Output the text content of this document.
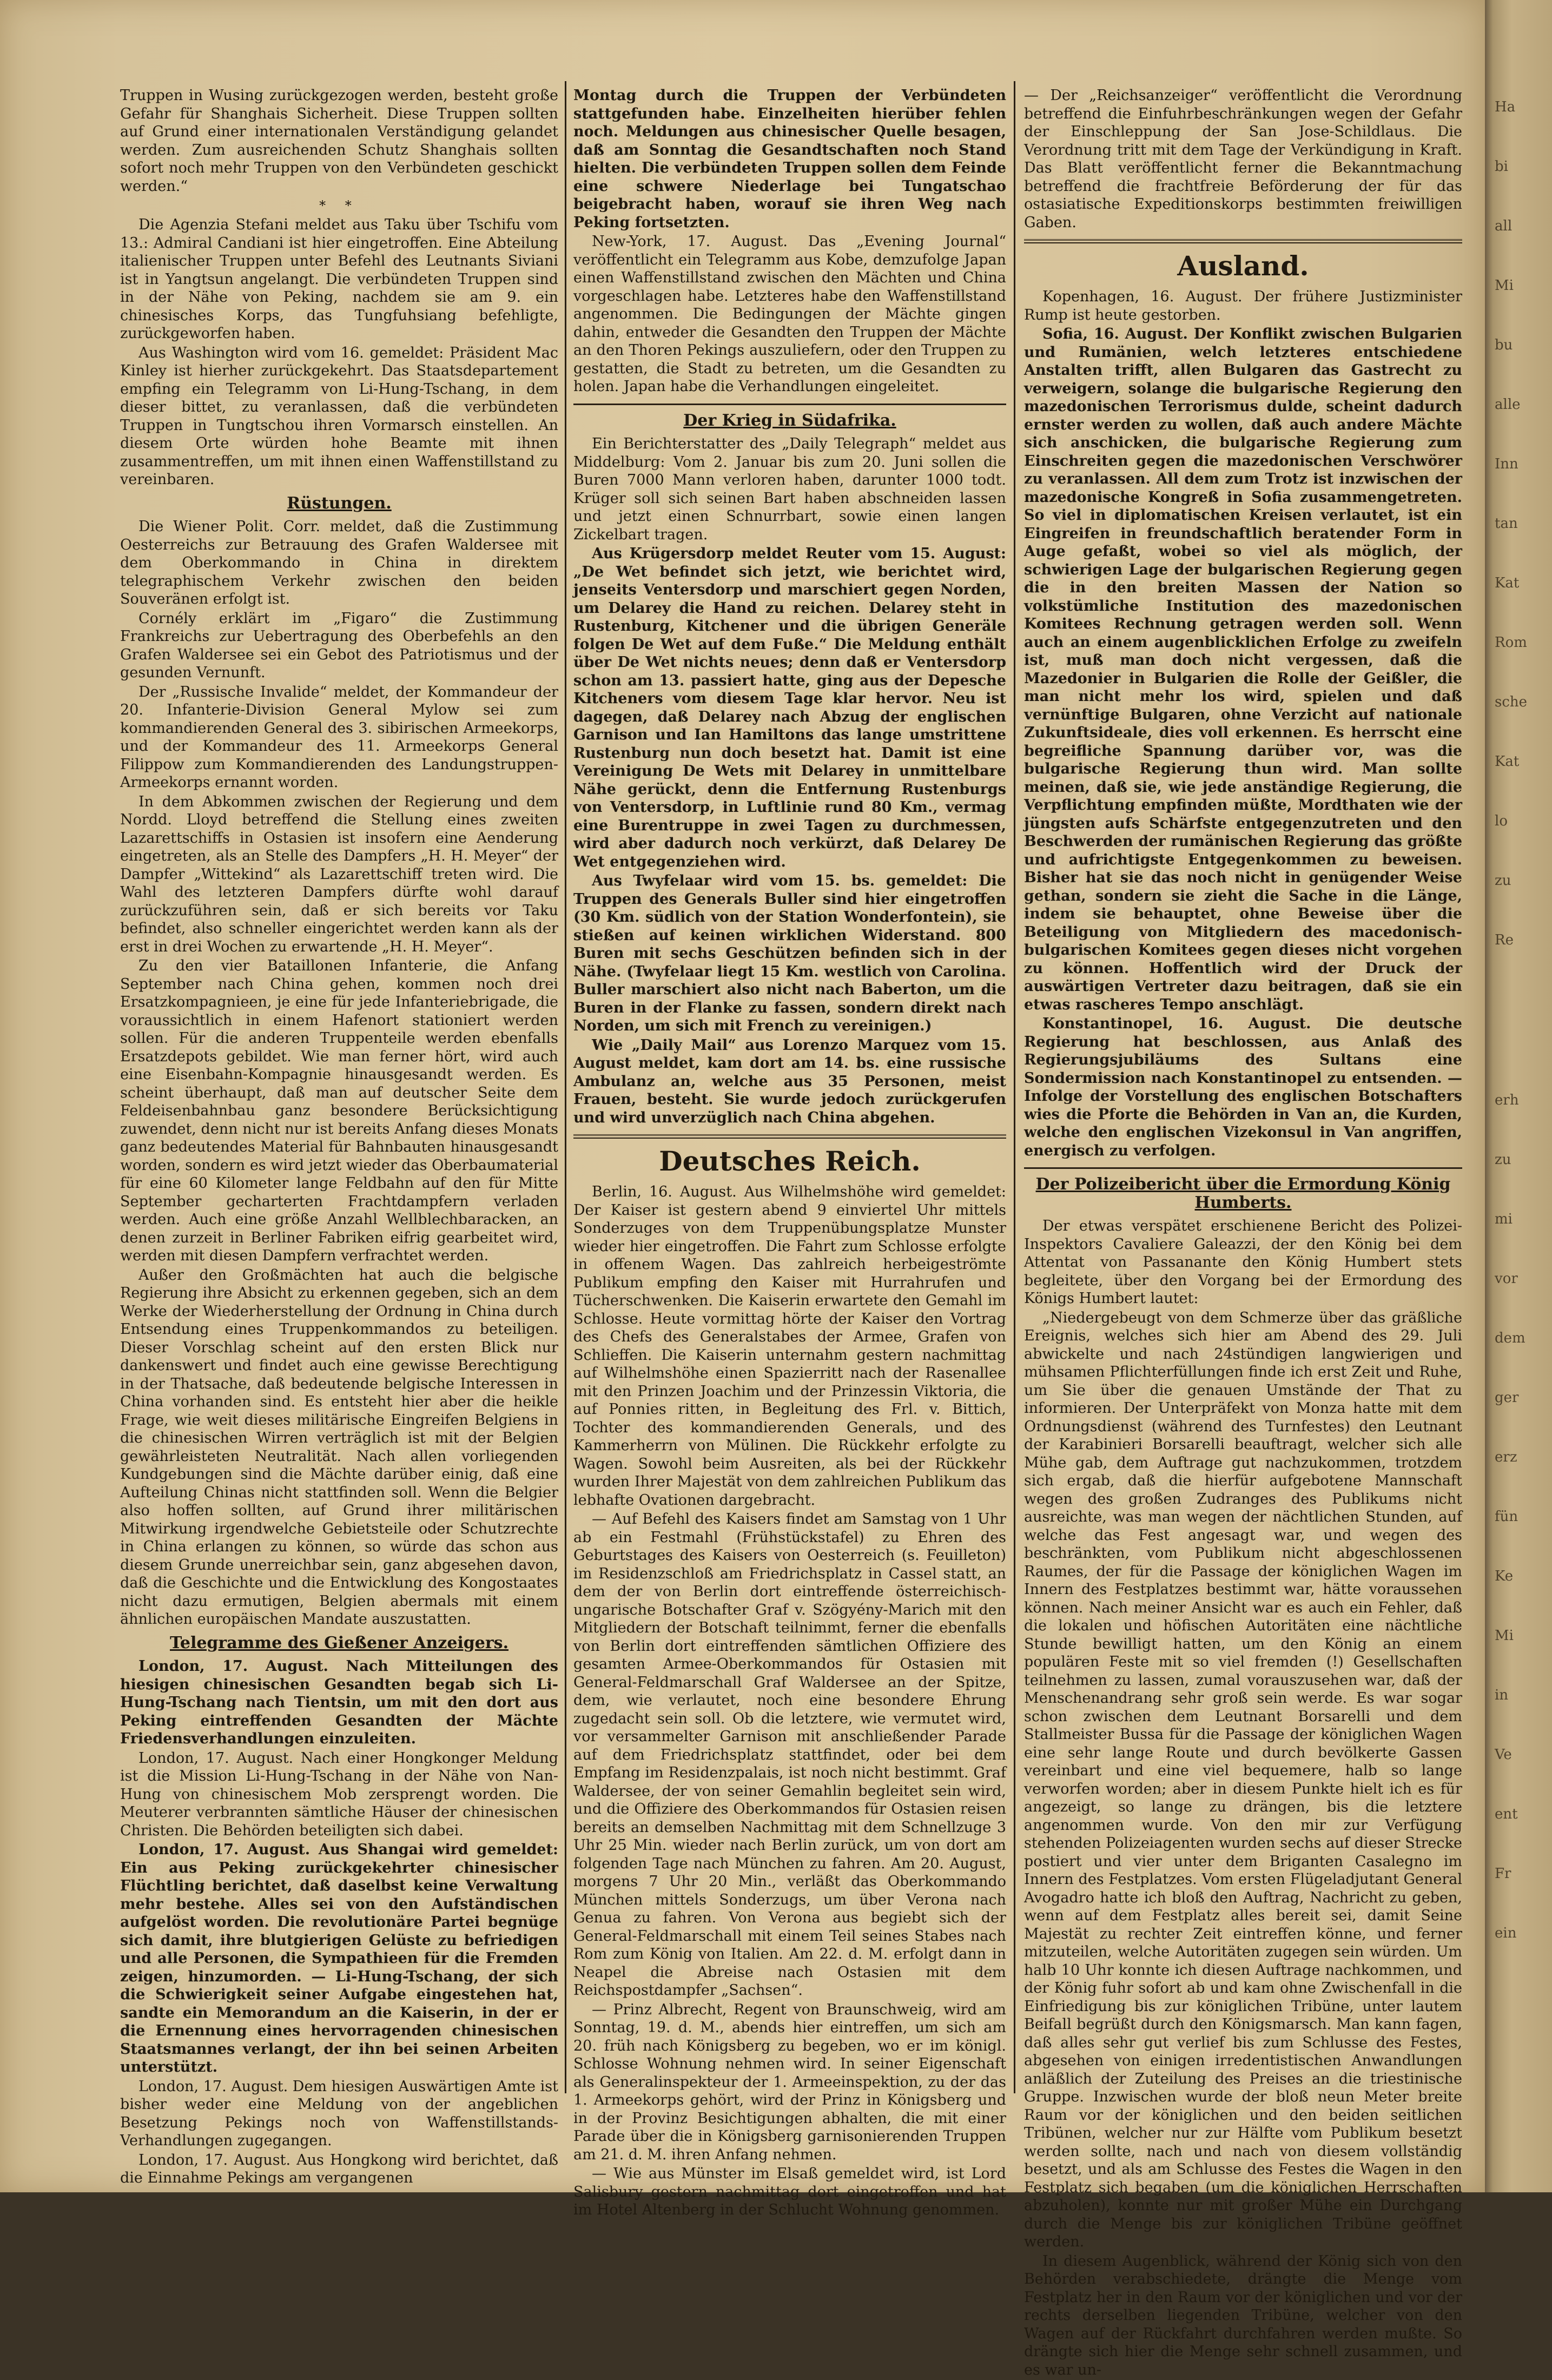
Truppen in Wusing zurückgezogen werden, besteht große Gefahr für Shanghais Sicherheit. Diese Truppen sollten auf Grund einer internationalen Verständigung gelandet werden. Zum ausreichenden Schutz Shanghais sollten sofort noch mehr Truppen von den Verbündeten geschickt werden.“

* *

Die Agenzia Stefani meldet aus Taku über Tschifu vom 13.: Admiral Candiani ist hier eingetroffen. Eine Abteilung italienischer Truppen unter Befehl des Leutnants Siviani ist in Yangtsun angelangt. Die verbündeten Truppen sind in der Nähe von Peking, nachdem sie am 9. ein chinesisches Korps, das Tungfuhsiang befehligte, zurückgeworfen haben.

Aus Washington wird vom 16. gemeldet: Präsident Mac Kinley ist hierher zurückgekehrt. Das Staatsdepartement empfing ein Telegramm von Li-Hung-Tschang, in dem dieser bittet, zu veranlassen, daß die verbündeten Truppen in Tungtschou ihren Vormarsch einstellen. An diesem Orte würden hohe Beamte mit ihnen zusammentreffen, um mit ihnen einen Waffenstillstand zu vereinbaren.

Rüstungen.

Die Wiener Polit. Corr. meldet, daß die Zustimmung Oesterreichs zur Betrauung des Grafen Waldersee mit dem Oberkommando in China in direktem telegraphischem Verkehr zwischen den beiden Souveränen erfolgt ist.

Cornély erklärt im „Figaro“ die Zustimmung Frankreichs zur Uebertragung des Oberbefehls an den Grafen Waldersee sei ein Gebot des Patriotismus und der gesunden Vernunft.

Der „Russische Invalide“ meldet, der Kommandeur der 20. Infanterie-Division General Mylow sei zum kommandierenden General des 3. sibirischen Armeekorps, und der Kommandeur des 11. Armeekorps General Filippow zum Kommandierenden des Landungstruppen-Armeekorps ernannt worden.

In dem Abkommen zwischen der Regierung und dem Nordd. Lloyd betreffend die Stellung eines zweiten Lazarettschiffs in Ostasien ist insofern eine Aenderung eingetreten, als an Stelle des Dampfers „H. H. Meyer“ der Dampfer „Wittekind“ als Lazarettschiff treten wird. Die Wahl des letzteren Dampfers dürfte wohl darauf zurückzuführen sein, daß er sich bereits vor Taku befindet, also schneller eingerichtet werden kann als der erst in drei Wochen zu erwartende „H. H. Meyer“.

Zu den vier Bataillonen Infanterie, die Anfang September nach China gehen, kommen noch drei Ersatzkompagnieen, je eine für jede Infanteriebrigade, die voraussichtlich in einem Hafenort stationiert werden sollen. Für die anderen Truppenteile werden ebenfalls Ersatzdepots gebildet. Wie man ferner hört, wird auch eine Eisenbahn-Kompagnie hinausgesandt werden. Es scheint überhaupt, daß man auf deutscher Seite dem Feldeisenbahnbau ganz besondere Berücksichtigung zuwendet, denn nicht nur ist bereits Anfang dieses Monats ganz bedeutendes Material für Bahnbauten hinausgesandt worden, sondern es wird jetzt wieder das Oberbaumaterial für eine 60 Kilometer lange Feldbahn auf den für Mitte September gecharterten Frachtdampfern verladen werden. Auch eine größe Anzahl Wellblechbaracken, an denen zurzeit in Berliner Fabriken eifrig gearbeitet wird, werden mit diesen Dampfern verfrachtet werden.

Außer den Großmächten hat auch die belgische Regierung ihre Absicht zu erkennen gegeben, sich an dem Werke der Wiederherstellung der Ordnung in China durch Entsendung eines Truppenkommandos zu beteiligen. Dieser Vorschlag scheint auf den ersten Blick nur dankenswert und findet auch eine gewisse Berechtigung in der Thatsache, daß bedeutende belgische Interessen in China vorhanden sind. Es entsteht hier aber die heikle Frage, wie weit dieses militärische Eingreifen Belgiens in die chinesischen Wirren verträglich ist mit der Belgien gewährleisteten Neutralität. Nach allen vorliegenden Kundgebungen sind die Mächte darüber einig, daß eine Aufteilung Chinas nicht stattfinden soll. Wenn die Belgier also hoffen sollten, auf Grund ihrer militärischen Mitwirkung irgendwelche Gebietsteile oder Schutzrechte in China erlangen zu können, so würde das schon aus diesem Grunde unerreichbar sein, ganz abgesehen davon, daß die Geschichte und die Entwicklung des Kongostaates nicht dazu ermutigen, Belgien abermals mit einem ähnlichen europäischen Mandate auszustatten.

Telegramme des Gießener Anzeigers.

London, 17. August. Nach Mitteilungen des hiesigen chinesischen Gesandten begab sich Li-Hung-Tschang nach Tientsin, um mit den dort aus Peking eintreffenden Gesandten der Mächte Friedensverhandlungen einzuleiten.

London, 17. August. Nach einer Hongkonger Meldung ist die Mission Li-Hung-Tschang in der Nähe von Nan-Hung von chinesischem Mob zersprengt worden. Die Meuterer verbrannten sämtliche Häuser der chinesischen Christen. Die Behörden beteiligten sich dabei.

London, 17. August. Aus Shangai wird gemeldet: Ein aus Peking zurückgekehrter chinesischer Flüchtling berichtet, daß daselbst keine Verwaltung mehr bestehe. Alles sei von den Aufständischen aufgelöst worden. Die revolutionäre Partei begnüge sich damit, ihre blutgierigen Gelüste zu befriedigen und alle Personen, die Sympathieen für die Fremden zeigen, hinzumorden. — Li-Hung-Tschang, der sich die Schwierigkeit seiner Aufgabe eingestehen hat, sandte ein Memorandum an die Kaiserin, in der er die Ernennung eines hervorragenden chinesischen Staatsmannes verlangt, der ihn bei seinen Arbeiten unterstützt.

London, 17. August. Dem hiesigen Auswärtigen Amte ist bisher weder eine Meldung von der angeblichen Besetzung Pekings noch von Waffenstillstands-Verhandlungen zugegangen.

London, 17. August. Aus Hongkong wird berichtet, daß die Einnahme Pekings am vergangenen

Montag durch die Truppen der Verbündeten stattgefunden habe. Einzelheiten hierüber fehlen noch. Meldungen aus chinesischer Quelle besagen, daß am Sonntag die Gesandtschaften noch Stand hielten. Die verbündeten Truppen sollen dem Feinde eine schwere Niederlage bei Tungatschao beigebracht haben, worauf sie ihren Weg nach Peking fortsetzten.

New-York, 17. August. Das „Evening Journal“ veröffentlicht ein Telegramm aus Kobe, demzufolge Japan einen Waffenstillstand zwischen den Mächten und China vorgeschlagen habe. Letzteres habe den Waffenstillstand angenommen. Die Bedingungen der Mächte gingen dahin, entweder die Gesandten den Truppen der Mächte an den Thoren Pekings auszuliefern, oder den Truppen zu gestatten, die Stadt zu betreten, um die Gesandten zu holen. Japan habe die Verhandlungen eingeleitet.

Der Krieg in Südafrika.

Ein Berichterstatter des „Daily Telegraph“ meldet aus Middelburg: Vom 2. Januar bis zum 20. Juni sollen die Buren 7000 Mann verloren haben, darunter 1000 todt. Krüger soll sich seinen Bart haben abschneiden lassen und jetzt einen Schnurrbart, sowie einen langen Zickelbart tragen.

Aus Krügersdorp meldet Reuter vom 15. August: „De Wet befindet sich jetzt, wie berichtet wird, jenseits Ventersdorp und marschiert gegen Norden, um Delarey die Hand zu reichen. Delarey steht in Rustenburg, Kitchener und die übrigen Generäle folgen De Wet auf dem Fuße.“ Die Meldung enthält über De Wet nichts neues; denn daß er Ventersdorp schon am 13. passiert hatte, ging aus der Depesche Kitcheners vom diesem Tage klar hervor. Neu ist dagegen, daß Delarey nach Abzug der englischen Garnison und Ian Hamiltons das lange umstrittene Rustenburg nun doch besetzt hat. Damit ist eine Vereinigung De Wets mit Delarey in unmittelbare Nähe gerückt, denn die Entfernung Rustenburgs von Ventersdorp, in Luftlinie rund 80 Km., vermag eine Burentruppe in zwei Tagen zu durchmessen, wird aber dadurch noch verkürzt, daß Delarey De Wet entgegenziehen wird.

Aus Twyfelaar wird vom 15. bs. gemeldet: Die Truppen des Generals Buller sind hier eingetroffen (30 Km. südlich von der Station Wonderfontein), sie stießen auf keinen wirklichen Widerstand. 800 Buren mit sechs Geschützen befinden sich in der Nähe. (Twyfelaar liegt 15 Km. westlich von Carolina. Buller marschiert also nicht nach Baberton, um die Buren in der Flanke zu fassen, sondern direkt nach Norden, um sich mit French zu vereinigen.)

Wie „Daily Mail“ aus Lorenzo Marquez vom 15. August meldet, kam dort am 14. bs. eine russische Ambulanz an, welche aus 35 Personen, meist Frauen, besteht. Sie wurde jedoch zurückgerufen und wird unverzüglich nach China abgehen.

Deutsches Reich.

Berlin, 16. August. Aus Wilhelmshöhe wird gemeldet: Der Kaiser ist gestern abend 9 einviertel Uhr mittels Sonderzuges von dem Truppenübungsplatze Munster wieder hier eingetroffen. Die Fahrt zum Schlosse erfolgte in offenem Wagen. Das zahlreich herbeigeströmte Publikum empfing den Kaiser mit Hurrahrufen und Tücherschwenken. Die Kaiserin erwartete den Gemahl im Schlosse. Heute vormittag hörte der Kaiser den Vortrag des Chefs des Generalstabes der Armee, Grafen von Schlieffen. Die Kaiserin unternahm gestern nachmittag auf Wilhelmshöhe einen Spazierritt nach der Rasenallee mit den Prinzen Joachim und der Prinzessin Viktoria, die auf Ponnies ritten, in Begleitung des Frl. v. Bittich, Tochter des kommandierenden Generals, und des Kammerherrn von Mülinen. Die Rückkehr erfolgte zu Wagen. Sowohl beim Ausreiten, als bei der Rückkehr wurden Ihrer Majestät von dem zahlreichen Publikum das lebhafte Ovationen dargebracht.

— Auf Befehl des Kaisers findet am Samstag von 1 Uhr ab ein Festmahl (Frühstückstafel) zu Ehren des Geburtstages des Kaisers von Oesterreich (s. Feuilleton) im Residenzschloß am Friedrichsplatz in Cassel statt, an dem der von Berlin dort eintreffende österreichisch-ungarische Botschafter Graf v. Szögyény-Marich mit den Mitgliedern der Botschaft teilnimmt, ferner die ebenfalls von Berlin dort eintreffenden sämtlichen Offiziere des gesamten Armee-Oberkommandos für Ostasien mit General-Feldmarschall Graf Waldersee an der Spitze, dem, wie verlautet, noch eine besondere Ehrung zugedacht sein soll. Ob die letztere, wie vermutet wird, vor versammelter Garnison mit anschließender Parade auf dem Friedrichsplatz stattfindet, oder bei dem Empfang im Residenzpalais, ist noch nicht bestimmt. Graf Waldersee, der von seiner Gemahlin begleitet sein wird, und die Offiziere des Oberkommandos für Ostasien reisen bereits an demselben Nachmittag mit dem Schnellzuge 3 Uhr 25 Min. wieder nach Berlin zurück, um von dort am folgenden Tage nach München zu fahren. Am 20. August, morgens 7 Uhr 20 Min., verläßt das Oberkommando München mittels Sonderzugs, um über Verona nach Genua zu fahren. Von Verona aus begiebt sich der General-Feldmarschall mit einem Teil seines Stabes nach Rom zum König von Italien. Am 22. d. M. erfolgt dann in Neapel die Abreise nach Ostasien mit dem Reichspostdampfer „Sachsen“.

— Prinz Albrecht, Regent von Braunschweig, wird am Sonntag, 19. d. M., abends hier eintreffen, um sich am 20. früh nach Königsberg zu begeben, wo er im königl. Schlosse Wohnung nehmen wird. In seiner Eigenschaft als Generalinspekteur der 1. Armeeinspektion, zu der das 1. Armeekorps gehört, wird der Prinz in Königsberg und in der Provinz Besichtigungen abhalten, die mit einer Parade über die in Königsberg garnisonierenden Truppen am 21. d. M. ihren Anfang nehmen.

— Wie aus Münster im Elsaß gemeldet wird, ist Lord Salisbury gestern nachmittag dort eingetroffen und hat im Hotel Altenberg in der Schlucht Wohnung genommen.

— Der „Reichsanzeiger“ veröffentlicht die Verordnung betreffend die Einfuhrbeschränkungen wegen der Gefahr der Einschleppung der San Jose-Schildlaus. Die Verordnung tritt mit dem Tage der Verkündigung in Kraft. Das Blatt veröffentlicht ferner die Bekanntmachung betreffend die frachtfreie Beförderung der für das ostasiatische Expeditionskorps bestimmten freiwilligen Gaben.

Ausland.

Kopenhagen, 16. August. Der frühere Justizminister Rump ist heute gestorben.

Sofia, 16. August. Der Konflikt zwischen Bulgarien und Rumänien, welch letzteres entschiedene Anstalten trifft, allen Bulgaren das Gastrecht zu verweigern, solange die bulgarische Regierung den mazedonischen Terrorismus dulde, scheint dadurch ernster werden zu wollen, daß auch andere Mächte sich anschicken, die bulgarische Regierung zum Einschreiten gegen die mazedonischen Verschwörer zu veranlassen. All dem zum Trotz ist inzwischen der mazedonische Kongreß in Sofia zusammengetreten. So viel in diplomatischen Kreisen verlautet, ist ein Eingreifen in freundschaftlich beratender Form in Auge gefaßt, wobei so viel als möglich, der schwierigen Lage der bulgarischen Regierung gegen die in den breiten Massen der Nation so volkstümliche Institution des mazedonischen Komitees Rechnung getragen werden soll. Wenn auch an einem augenblicklichen Erfolge zu zweifeln ist, muß man doch nicht vergessen, daß die Mazedonier in Bulgarien die Rolle der Geißler, die man nicht mehr los wird, spielen und daß vernünftige Bulgaren, ohne Verzicht auf nationale Zukunftsideale, dies voll erkennen. Es herrscht eine begreifliche Spannung darüber vor, was die bulgarische Regierung thun wird. Man sollte meinen, daß sie, wie jede anständige Regierung, die Verpflichtung empfinden müßte, Mordthaten wie der jüngsten aufs Schärfste entgegenzutreten und den Beschwerden der rumänischen Regierung das größte und aufrichtigste Entgegenkommen zu beweisen. Bisher hat sie das noch nicht in genügender Weise gethan, sondern sie zieht die Sache in die Länge, indem sie behauptet, ohne Beweise über die Beteiligung von Mitgliedern des macedonisch-bulgarischen Komitees gegen dieses nicht vorgehen zu können. Hoffentlich wird der Druck der auswärtigen Vertreter dazu beitragen, daß sie ein etwas rascheres Tempo anschlägt.

Konstantinopel, 16. August. Die deutsche Regierung hat beschlossen, aus Anlaß des Regierungsjubiläums des Sultans eine Sondermission nach Konstantinopel zu entsenden. — Infolge der Vorstellung des englischen Botschafters wies die Pforte die Behörden in Van an, die Kurden, welche den englischen Vizekonsul in Van angriffen, energisch zu verfolgen.

Der Polizeibericht über die Ermordung König Humberts.

Der etwas verspätet erschienene Bericht des Polizei-Inspektors Cavaliere Galeazzi, der den König bei dem Attentat von Passanante den König Humbert stets begleitete, über den Vorgang bei der Ermordung des Königs Humbert lautet:

„Niedergebeugt von dem Schmerze über das gräßliche Ereignis, welches sich hier am Abend des 29. Juli abwickelte und nach 24stündigen langwierigen und mühsamen Pflichterfüllungen finde ich erst Zeit und Ruhe, um Sie über die genauen Umstände der That zu informieren. Der Unterpräfekt von Monza hatte mit dem Ordnungsdienst (während des Turnfestes) den Leutnant der Karabinieri Borsarelli beauftragt, welcher sich alle Mühe gab, dem Auftrage gut nachzukommen, trotzdem sich ergab, daß die hierfür aufgebotene Mannschaft wegen des großen Zudranges des Publikums nicht ausreichte, was man wegen der nächtlichen Stunden, auf welche das Fest angesagt war, und wegen des beschränkten, vom Publikum nicht abgeschlossenen Raumes, der für die Passage der königlichen Wagen im Innern des Festplatzes bestimmt war, hätte voraussehen können. Nach meiner Ansicht war es auch ein Fehler, daß die lokalen und höfischen Autoritäten eine nächtliche Stunde bewilligt hatten, um den König an einem populären Feste mit so viel fremden (!) Gesellschaften teilnehmen zu lassen, zumal vorauszusehen war, daß der Menschenandrang sehr groß sein werde. Es war sogar schon zwischen dem Leutnant Borsarelli und dem Stallmeister Bussa für die Passage der königlichen Wagen eine sehr lange Route und durch bevölkerte Gassen vereinbart und eine viel bequemere, halb so lange verworfen worden; aber in diesem Punkte hielt ich es für angezeigt, so lange zu drängen, bis die letztere angenommen wurde. Von den mir zur Verfügung stehenden Polizeiagenten wurden sechs auf dieser Strecke postiert und vier unter dem Briganten Casalegno im Innern des Festplatzes. Vom ersten Flügeladjutant General Avogadro hatte ich bloß den Auftrag, Nachricht zu geben, wenn auf dem Festplatz alles bereit sei, damit Seine Majestät zu rechter Zeit eintreffen könne, und ferner mitzuteilen, welche Autoritäten zugegen sein würden. Um halb 10 Uhr konnte ich diesen Auftrage nachkommen, und der König fuhr sofort ab und kam ohne Zwischenfall in die Einfriedigung bis zur königlichen Tribüne, unter lautem Beifall begrüßt durch den Königsmarsch. Man kann fagen, daß alles sehr gut verlief bis zum Schlusse des Festes, abgesehen von einigen irredentistischen Anwandlungen anläßlich der Zuteilung des Preises an die triestinische Gruppe. Inzwischen wurde der bloß neun Meter breite Raum vor der königlichen und den beiden seitlichen Tribünen, welcher nur zur Hälfte vom Publikum besetzt werden sollte, nach und nach von diesem vollständig besetzt, und als am Schlusse des Festes die Wagen in den Festplatz sich begaben (um die königlichen Herrschaften abzuholen), konnte nur mit großer Mühe ein Durchgang durch die Menge bis zur königlichen Tribüne geöffnet werden.

In diesem Augenblick, während der König sich von den Behörden verabschiedete, drängte die Menge vom Festplatz her in den Raum vor der königlichen und vor der rechts derselben liegenden Tribüne, welcher von den Wagen auf der Rückfahrt durchfahren werden mußte. So drängte sich hier die Menge sehr schnell zusammen, und es war un-

Ha
bi
all
Mi
bu
alle
Inn
tan
Kat
Rom
sche
Kat
lo
zu
Re
erh
zu
mi
vor
dem
ger
erz
fün
Ke
Mi
in
Ve
ent
Fr
ein
